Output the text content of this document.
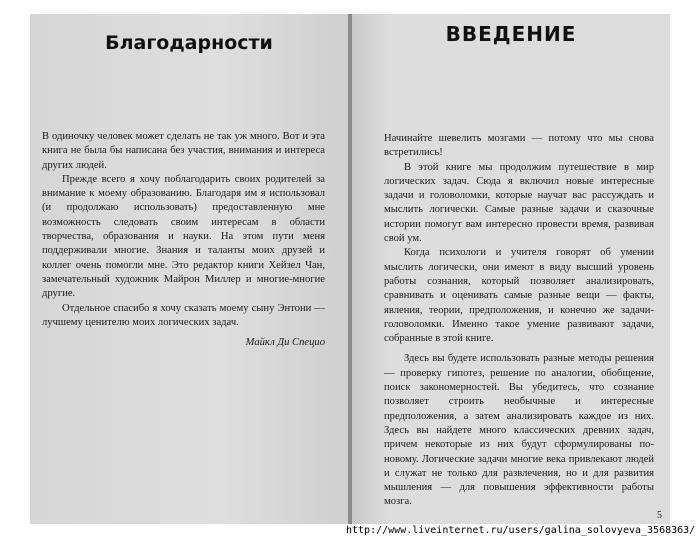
Благодарности

В одиночку человек может сделать не так уж много. Вот и эта книга не была бы написана без участия, внимания и интереса других людей.

Прежде всего я хочу поблагодарить своих родителей за внимание к моему образованию. Благодаря им я использовал (и продолжаю использовать) предоставленную мне возможность следовать своим интересам в области творчества, образования и науки. На этом пути меня поддерживали многие. Знания и таланты моих друзей и коллег очень помогли мне. Это редактор книги Хейзел Чан, замечательный художник Майрон Миллер и многие-многие другие.

Отдельное спасибо я хочу сказать моему сыну Энтони — лучшему ценителю моих логических задач.

Майкл Ди Специо
ВВЕДЕНИЕ

Начинайте шевелить мозгами — потому что мы снова встретились!

В этой книге мы продолжим путешествие в мир логических задач. Сюда я включил новые интересные задачи и головоломки, которые научат вас рассуждать и мыслить логически. Самые разные задачи и сказочные истории помогут вам интересно провести время, развивая свой ум.

Когда психологи и учителя говорят об умении мыслить логически, они имеют в виду высший уровень работы сознания, который позволяет анализировать, сравнивать и оценивать самые разные вещи — факты, явления, теории, предположения, и конечно же задачи-головоломки. Именно такое умение развивают задачи, собранные в этой книге.

Здесь вы будете использовать разные методы решения — проверку гипотез, решение по аналогии, обобщение, поиск закономерностей. Вы убедитесь, что сознание позволяет строить необычные и интересные предположения, а затем анализировать каждое из них. Здесь вы найдете много классических древних задач, причем некоторые из них будут сформулированы по-новому. Логические задачи многие века привлекают людей и служат не только для развлечения, но и для развития мышления — для повышения эффективности работы мозга.

5
http://www.liveinternet.ru/users/galina_solovyeva_3568363/
